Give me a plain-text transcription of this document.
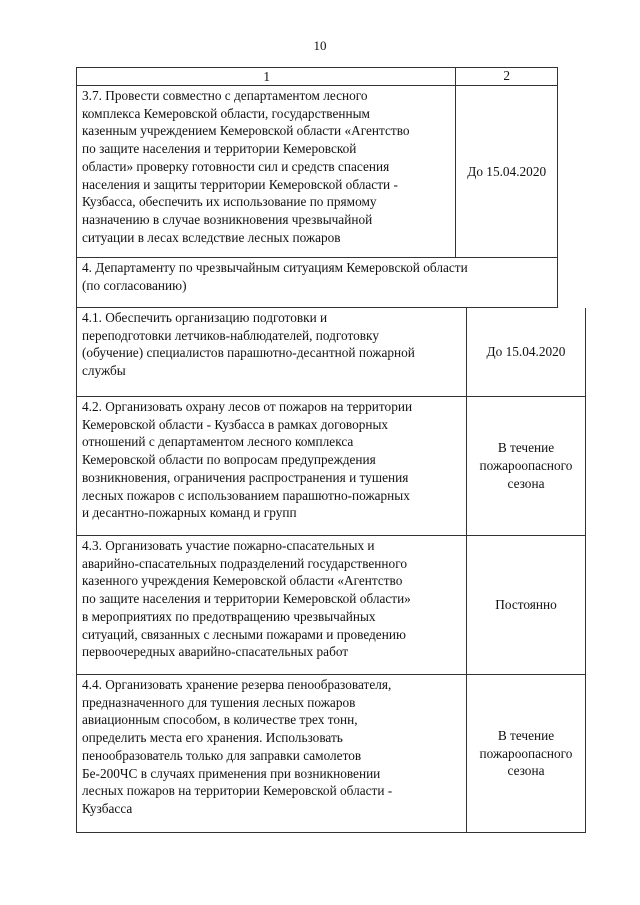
10
1	2
3.7. Провести совместно с департаментом лесного
комплекса Кемеровской области, государственным
казенным учреждением Кемеровской области «Агентство
по защите населения и территории Кемеровской
области» проверку готовности сил и средств спасения
населения и защиты территории Кемеровской области -
Кузбасса, обеспечить их использование по прямому
назначению в случае возникновения чрезвычайной
ситуации в лесах вследствие лесных пожаров
До 15.04.2020
4. Департаменту по чрезвычайным ситуациям Кемеровской области
(по согласованию)
4.1. Обеспечить организацию подготовки и
переподготовки летчиков-наблюдателей, подготовку
(обучение) специалистов парашютно-десантной пожарной
службы
До 15.04.2020
4.2. Организовать охрану лесов от пожаров на территории
Кемеровской области - Кузбасса в рамках договорных
отношений с департаментом лесного комплекса
Кемеровской области по вопросам предупреждения
возникновения, ограничения распространения и тушения
лесных пожаров с использованием парашютно-пожарных
и десантно-пожарных команд и групп
В течение
пожароопасного
сезона
4.3. Организовать участие пожарно-спасательных и
аварийно-спасательных подразделений государственного
казенного учреждения Кемеровской области «Агентство
по защите населения и территории Кемеровской области»
в мероприятиях по предотвращению чрезвычайных
ситуаций, связанных с лесными пожарами и проведению
первоочередных аварийно-спасательных работ
Постоянно
4.4. Организовать хранение резерва пенообразователя,
предназначенного для тушения лесных пожаров
авиационным способом, в количестве трех тонн,
определить места его хранения. Использовать
пенообразователь только для заправки самолетов
Бе-200ЧС в случаях применения при возникновении
лесных пожаров на территории Кемеровской области -
Кузбасса
В течение
пожароопасного
сезона
